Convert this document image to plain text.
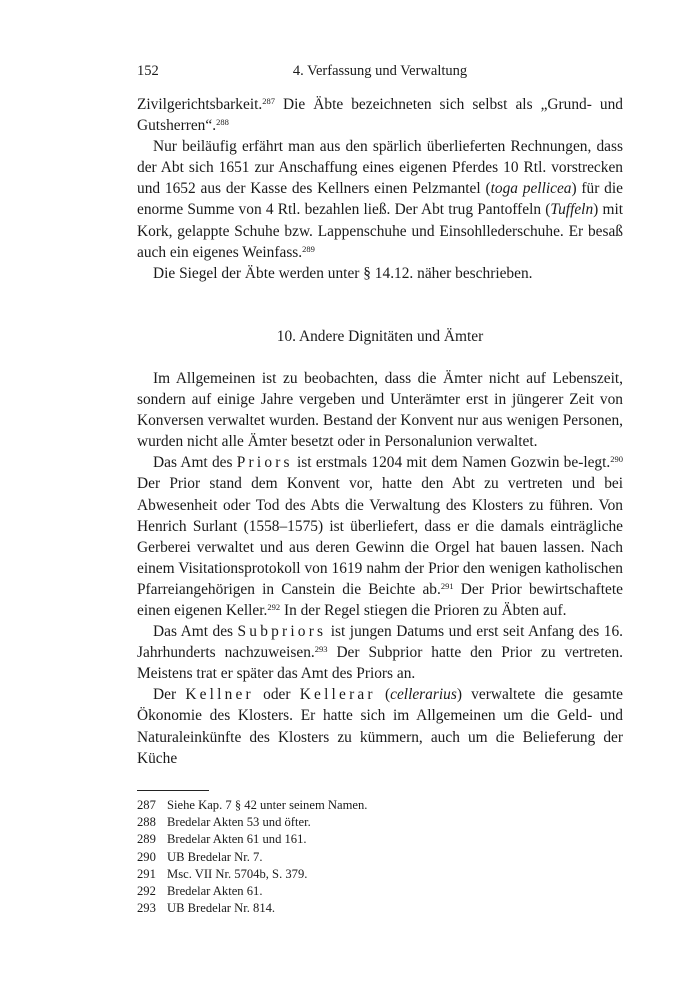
152	4. Verfassung und Verwaltung

Zivilgerichtsbarkeit.$^{287}$ Die Äbte bezeichneten sich selbst als „Grund- und Gutsherren“.$^{288}$

Nur beiläufig erfährt man aus den spärlich überlieferten Rechnungen, dass der Abt sich 1651 zur Anschaffung eines eigenen Pferdes 10 Rtl. vorstrecken und 1652 aus der Kasse des Kellners einen Pelzmantel (toga pellicea) für die enorme Summe von 4 Rtl. bezahlen ließ. Der Abt trug Pantoffeln (Tuffeln) mit Kork, gelappte Schuhe bzw. Lappenschuhe und Einsohllederschuhe. Er besaß auch ein eigenes Weinfass.$^{289}$

Die Siegel der Äbte werden unter § 14.12. näher beschrieben.

10. Andere Dignitäten und Ämter

Im Allgemeinen ist zu beobachten, dass die Ämter nicht auf Lebenszeit, sondern auf einige Jahre vergeben und Unterämter erst in jüngerer Zeit von Konversen verwaltet wurden. Bestand der Konvent nur aus wenigen Personen, wurden nicht alle Ämter besetzt oder in Personalunion verwaltet.

Das Amt des Priors ist erstmals 1204 mit dem Namen Gozwin be-legt.$^{290}$ Der Prior stand dem Konvent vor, hatte den Abt zu vertreten und bei Abwesenheit oder Tod des Abts die Verwaltung des Klosters zu führen. Von Henrich Surlant (1558–1575) ist überliefert, dass er die damals einträgliche Gerberei verwaltet und aus deren Gewinn die Orgel hat bauen lassen. Nach einem Visitationsprotokoll von 1619 nahm der Prior den wenigen katholischen Pfarreiangehörigen in Canstein die Beichte ab.$^{291}$ Der Prior bewirtschaftete einen eigenen Keller.$^{292}$ In der Regel stiegen die Prioren zu Äbten auf.

Das Amt des Subpriors ist jungen Datums und erst seit Anfang des 16. Jahrhunderts nachzuweisen.$^{293}$ Der Subprior hatte den Prior zu vertreten. Meistens trat er später das Amt des Priors an.

Der Kellner oder Kellerar (cellerarius) verwaltete die gesamte Ökonomie des Klosters. Er hatte sich im Allgemeinen um die Geld- und Naturaleinkünfte des Klosters zu kümmern, auch um die Belieferung der Küche

287 Siehe Kap. 7 § 42 unter seinem Namen.
288 Bredelar Akten 53 und öfter.
289 Bredelar Akten 61 und 161.
290 UB Bredelar Nr. 7.
291 Msc. VII Nr. 5704b, S. 379.
292 Bredelar Akten 61.
293 UB Bredelar Nr. 814.
